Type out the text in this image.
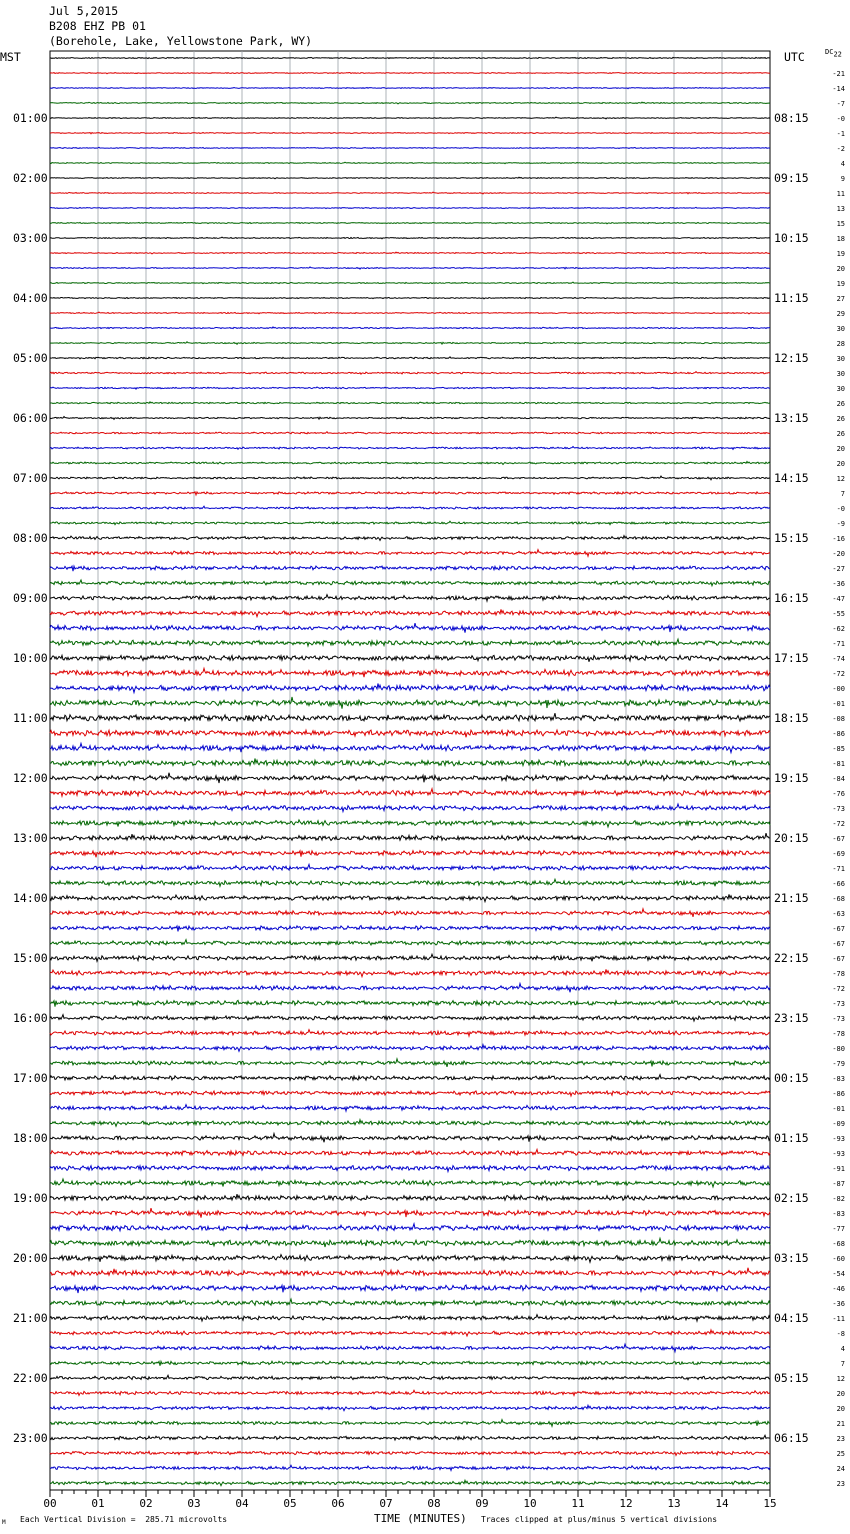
Jul 5,2015
B208 EHZ PB 01
(Borehole, Lake, Yellowstone Park, WY)
MST	UTC	$DC_{22}$
00	01	02	03	04	05	06	07	08	09	10	11	12	13	14	15
01:00
02:00
03:00
04:00
05:00
06:00
07:00
08:00
09:00
10:00
11:00
12:00
13:00
14:00
15:00
16:00
17:00
18:00
19:00
20:00
21:00
22:00
23:00
08:15
09:15
10:15
11:15
12:15
13:15
14:15
15:15
16:15
17:15
18:15
19:15
20:15
21:15
22:15
23:15
00:15
01:15
02:15
03:15
04:15
05:15
06:15
-21
-14
-7
-0
-1
-2
4
9
11
13
15
18
19
20
19
27
29
30
28
30
30
30
26
26
26
20
20
12
7
-0
-9
-16
-20
-27
-36
-47
-55
-62
-71
-74
-72
-00
-01
-08
-86
-85
-81
-84
-76
-73
-72
-67
-69
-71
-66
-68
-63
-67
-67
-67
-78
-72
-73
-73
-78
-80
-79
-83
-86
-01
-09
-93
-93
-91
-87
-82
-83
-77
-68
-60
-54
-46
-36
-11
-8
4
7
12
20
20
21
23
25
24
23
M Each Vertical Division =  285.71 microvolts	TIME (MINUTES) Traces clipped at plus/minus 5 vertical divisions
